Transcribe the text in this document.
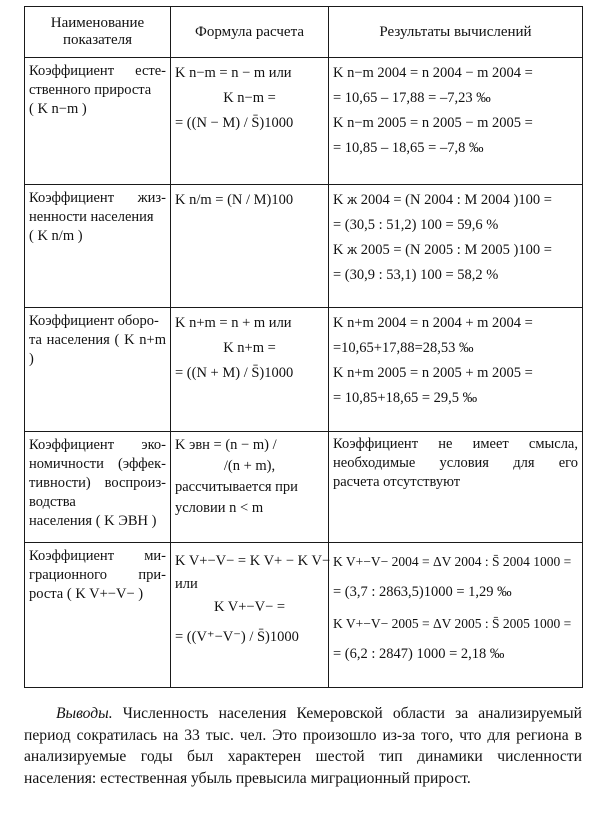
Наименование показателя	Формула расчета	Результаты вычислений

Коэффициент есте-
ственного прироста
( K n−m )	K n−m = n − m или
K n−m =
= ((N − M) / S̄)1000	K n−m 2004 = n 2004 − m 2004 =
= 10,65 – 17,88 = –7,23 ‰
K n−m 2005 = n 2005 − m 2005 =
= 10,85 – 18,65 = –7,8 ‰

Коэффициент жиз-
ненности населения
( K n/m )	K n/m = (N / M)100	K ж 2004 = (N 2004 : M 2004 )100 =
= (30,5 : 51,2) 100 = 59,6 %
K ж 2005 = (N 2005 : M 2005 )100 =
= (30,9 : 53,1) 100 = 58,2 %

Коэффициент оборо-
та населения ( K n+m )	K n+m = n + m или
K n+m =
= ((N + M) / S̄)1000	K n+m 2004 = n 2004 + m 2004 =
=10,65+17,88=28,53 ‰
K n+m 2005 = n 2005 + m 2005 =
= 10,85+18,65 = 29,5 ‰

Коэффициент эко-
номичности (эффек-
тивности) воспроиз-
водства
населения ( K ЭВН )	K эвн = (n − m) /
/(n + m),
рассчитывается при
условии n < m	Коэффициент не имеет смысла,
необходимые условия для его
расчета отсутствуют

Коэффициент ми-
грационного при-
роста ( K V+−V− )	K V+−V− = K V+ − K V−
или
K V+−V− =
= ((V⁺−V⁻) / S̄)1000	K V+−V− 2004 = ΔV 2004 : S̄ 2004 1000 =
= (3,7 : 2863,5)1000 = 1,29 ‰
K V+−V− 2005 = ΔV 2005 : S̄ 2005 1000 =
= (6,2 : 2847) 1000 = 2,18 ‰

Выводы. Численность населения Кемеровской области за анализируемый период сократилась на 33 тыс. чел. Это произошло из-за того, что для региона в анализируемые годы был характерен шестой тип динамики численности населения: естественная убыль превысила миграционный прирост.
